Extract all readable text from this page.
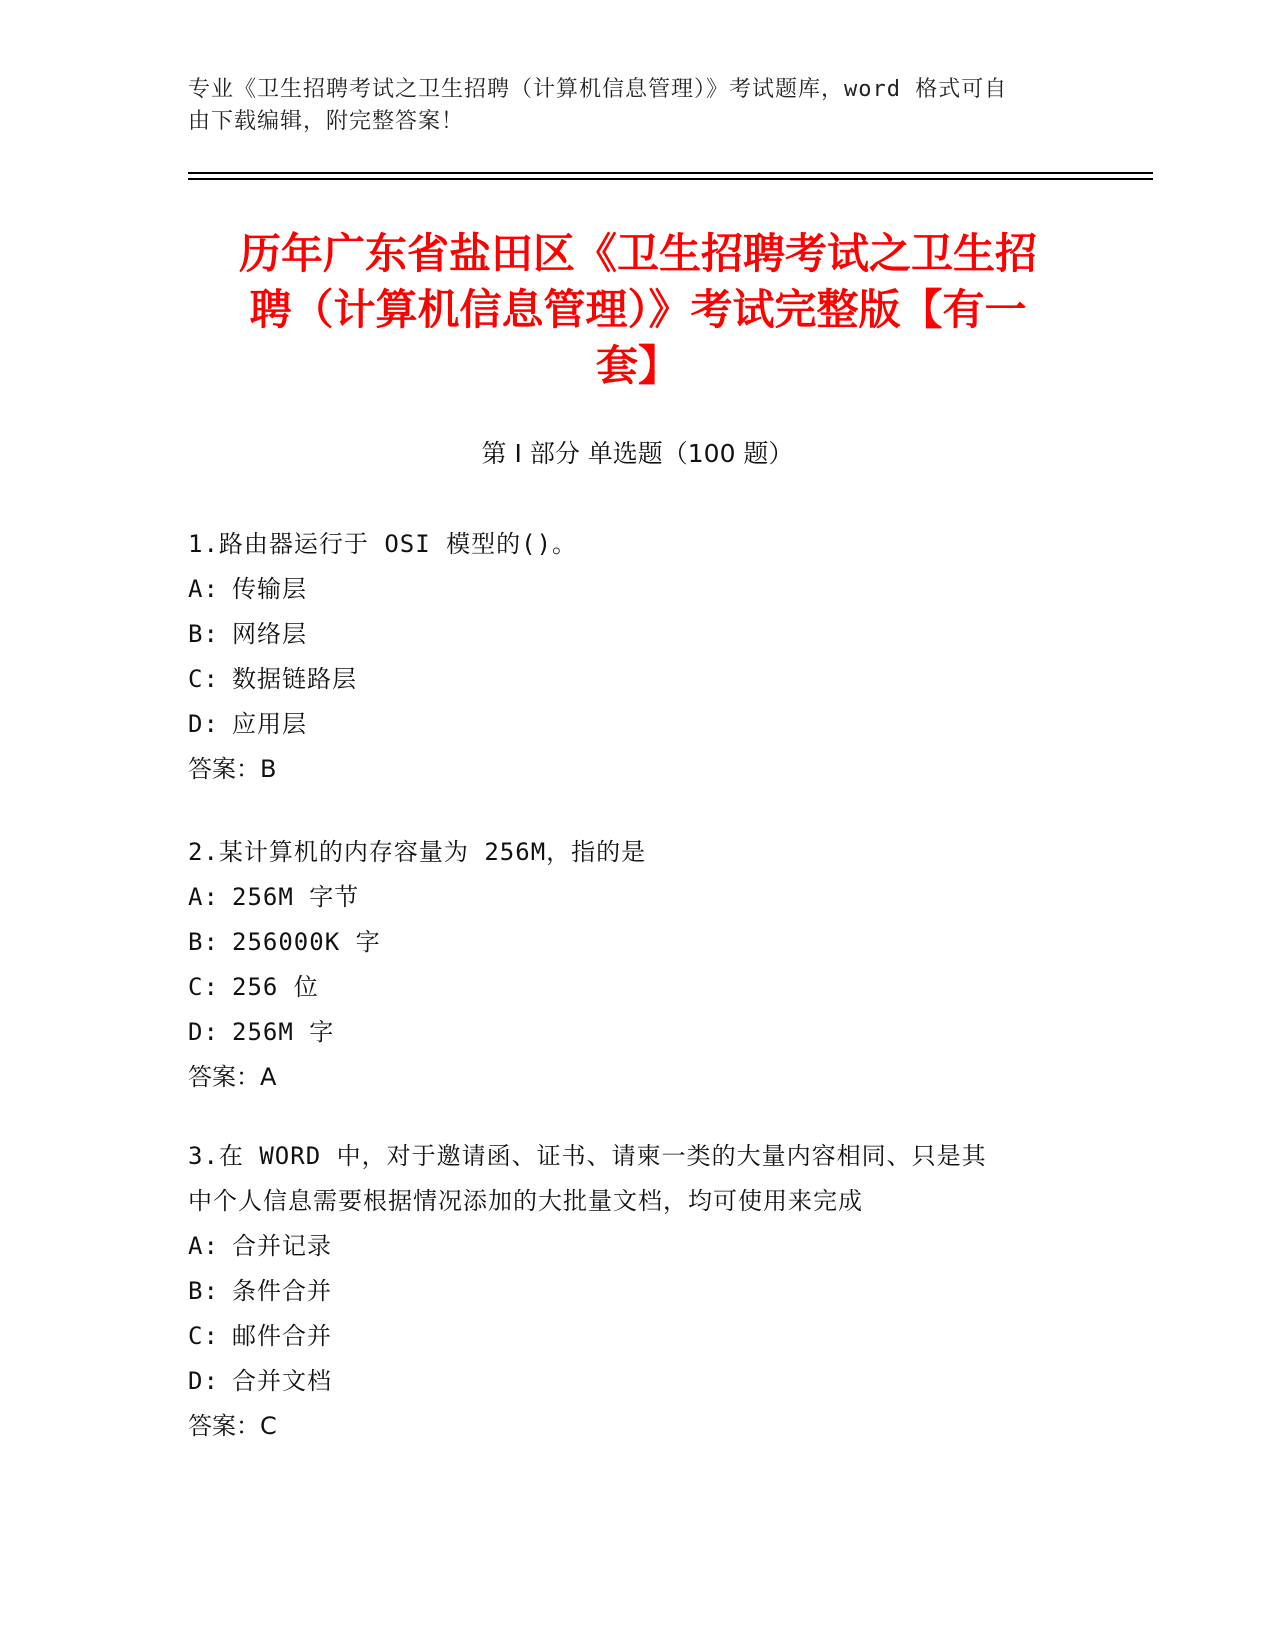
专业《卫生招聘考试之卫生招聘（计算机信息管理）》考试题库，word 格式可自
由下载编辑，附完整答案！
历年广东省盐田区《卫生招聘考试之卫生招
聘（计算机信息管理）》考试完整版【有一
套】
第 I 部分 单选题（100 题）

1.路由器运行于 OSI 模型的()。

A: 传输层

B: 网络层

C: 数据链路层

D: 应用层

答案：B

2.某计算机的内存容量为 256M，指的是

A: 256M 字节

B: 256000K 字

C: 256 位

D: 256M 字

答案：A

3.在 WORD 中，对于邀请函、证书、请柬一类的大量内容相同、只是其

中个人信息需要根据情况添加的大批量文档，均可使用来完成

A: 合并记录

B: 条件合并

C: 邮件合并

D: 合并文档

答案：C
